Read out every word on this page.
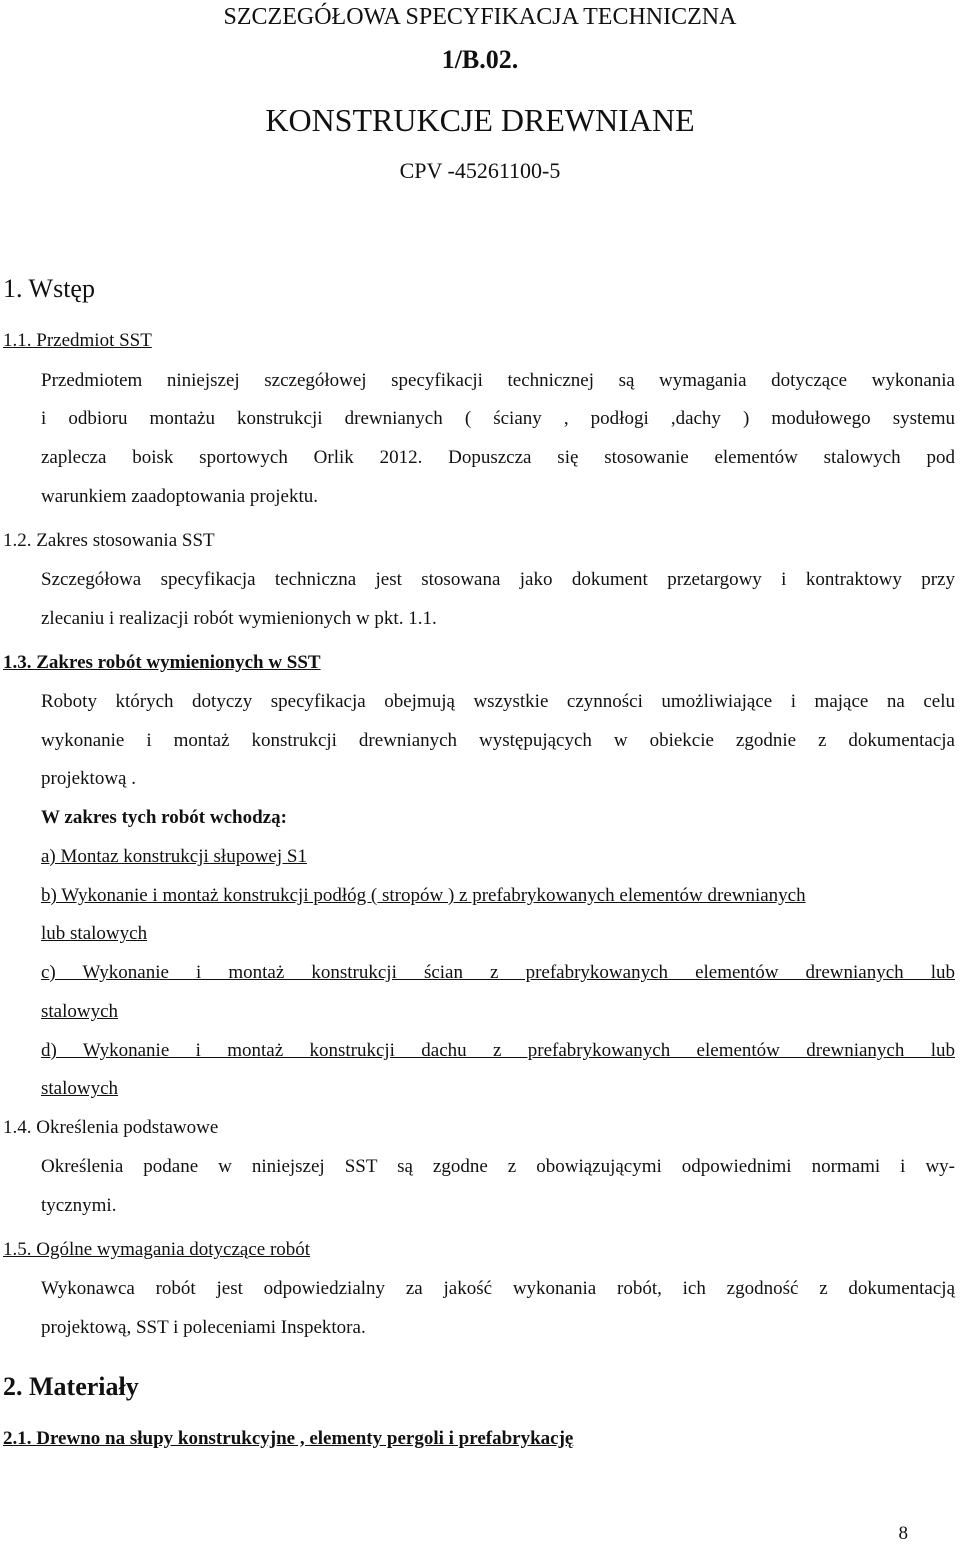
SZCZEGÓŁOWA SPECYFIKACJA TECHNICZNA
1/B.02.
KONSTRUKCJE DREWNIANE
CPV -45261100-5
1. Wstęp
1.1. Przedmiot SST
Przedmiotem niniejszej szczegółowej specyfikacji technicznej są wymagania dotyczące wykonania
i odbioru montażu konstrukcji drewnianych ( ściany , podłogi ,dachy ) modułowego systemu
zaplecza boisk sportowych Orlik 2012. Dopuszcza się stosowanie elementów stalowych pod
warunkiem zaadoptowania projektu.
1.2. Zakres stosowania SST
Szczegółowa specyfikacja techniczna jest stosowana jako dokument przetargowy i kontraktowy przy
zlecaniu i realizacji robót wymienionych w pkt. 1.1.
1.3. Zakres robót wymienionych w SST
Roboty których dotyczy specyfikacja obejmują wszystkie czynności umożliwiające i mające na celu
wykonanie i montaż konstrukcji drewnianych występujących w obiekcie zgodnie z dokumentacja
projektową .
W zakres tych robót wchodzą:
a) Montaz konstrukcji słupowej S1
b) Wykonanie i montaż konstrukcji podłóg ( stropów ) z prefabrykowanych elementów drewnianych
lub stalowych
c) Wykonanie i montaż konstrukcji ścian z prefabrykowanych elementów drewnianych lub
stalowych
d) Wykonanie i montaż konstrukcji dachu z prefabrykowanych elementów drewnianych lub
stalowych
1.4. Określenia podstawowe
Określenia podane w niniejszej SST są zgodne z obowiązującymi odpowiednimi normami i wy-
tycznymi.
1.5. Ogólne wymagania dotyczące robót
Wykonawca robót jest odpowiedzialny za jakość wykonania robót, ich zgodność z dokumentacją
projektową, SST i poleceniami Inspektora.
2. Materiały
2.1. Drewno na słupy konstrukcyjne , elementy pergoli i prefabrykację
8
